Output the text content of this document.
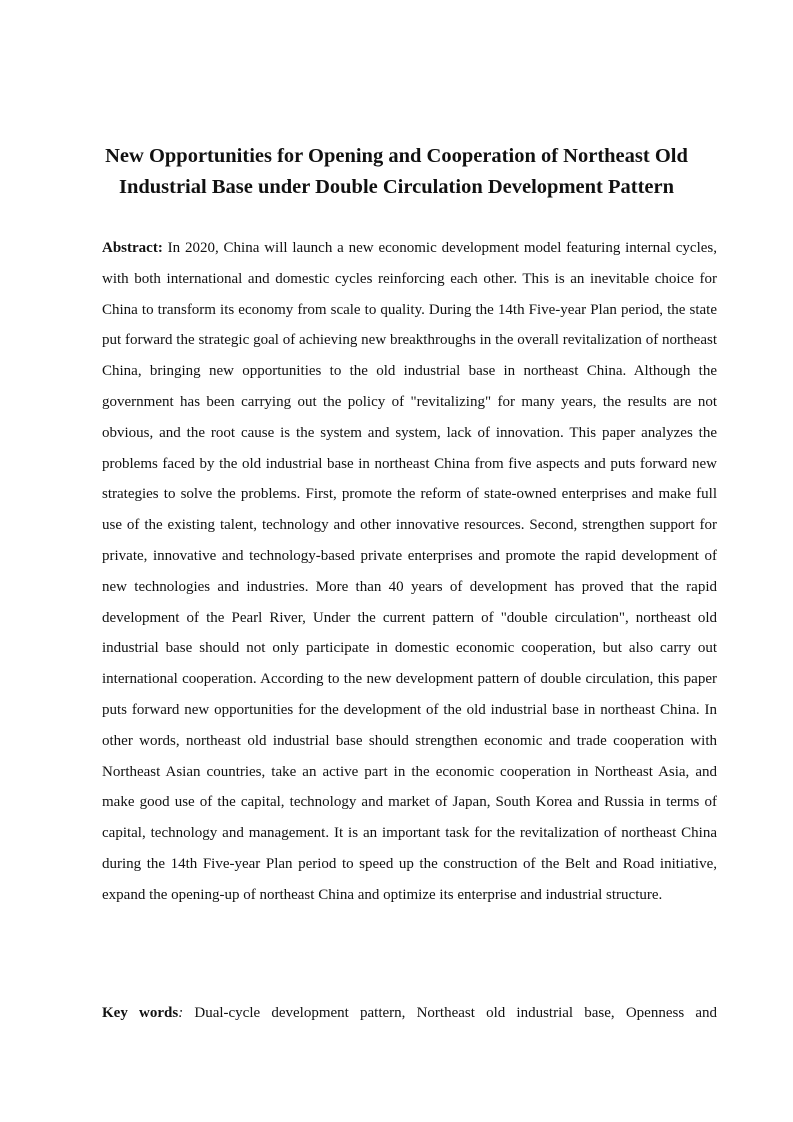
New Opportunities for Opening and Cooperation of Northeast Old
Industrial Base under Double Circulation Development Pattern

Abstract: In 2020, China will launch a new economic development model featuring internal cycles, with both international and domestic cycles reinforcing each other. This is an inevitable choice for China to transform its economy from scale to quality. During the 14th Five-year Plan period, the state put forward the strategic goal of achieving new breakthroughs in the overall revitalization of northeast China, bringing new opportunities to the old industrial base in northeast China. Although the government has been carrying out the policy of "revitalizing" for many years, the results are not obvious, and the root cause is the system and system, lack of innovation. This paper analyzes the problems faced by the old industrial base in northeast China from five aspects and puts forward new strategies to solve the problems. First, promote the reform of state-owned enterprises and make full use of the existing talent, technology and other innovative resources. Second, strengthen support for private, innovative and technology-based private enterprises and promote the rapid development of new technologies and industries. More than 40 years of development has proved that the rapid development of the Pearl River, Under the current pattern of "double circulation", northeast old industrial base should not only participate in domestic economic cooperation, but also carry out international cooperation. According to the new development pattern of double circulation, this paper puts forward new opportunities for the development of the old industrial base in northeast China. In other words, northeast old industrial base should strengthen economic and trade cooperation with Northeast Asian countries, take an active part in the economic cooperation in Northeast Asia, and make good use of the capital, technology and market of Japan, South Korea and Russia in terms of capital, technology and management. It is an important task for the revitalization of northeast China during the 14th Five-year Plan period to speed up the construction of the Belt and Road initiative, expand the opening-up of northeast China and optimize its enterprise and industrial structure.

Key words: Dual-cycle development pattern, Northeast old industrial base, Openness and
